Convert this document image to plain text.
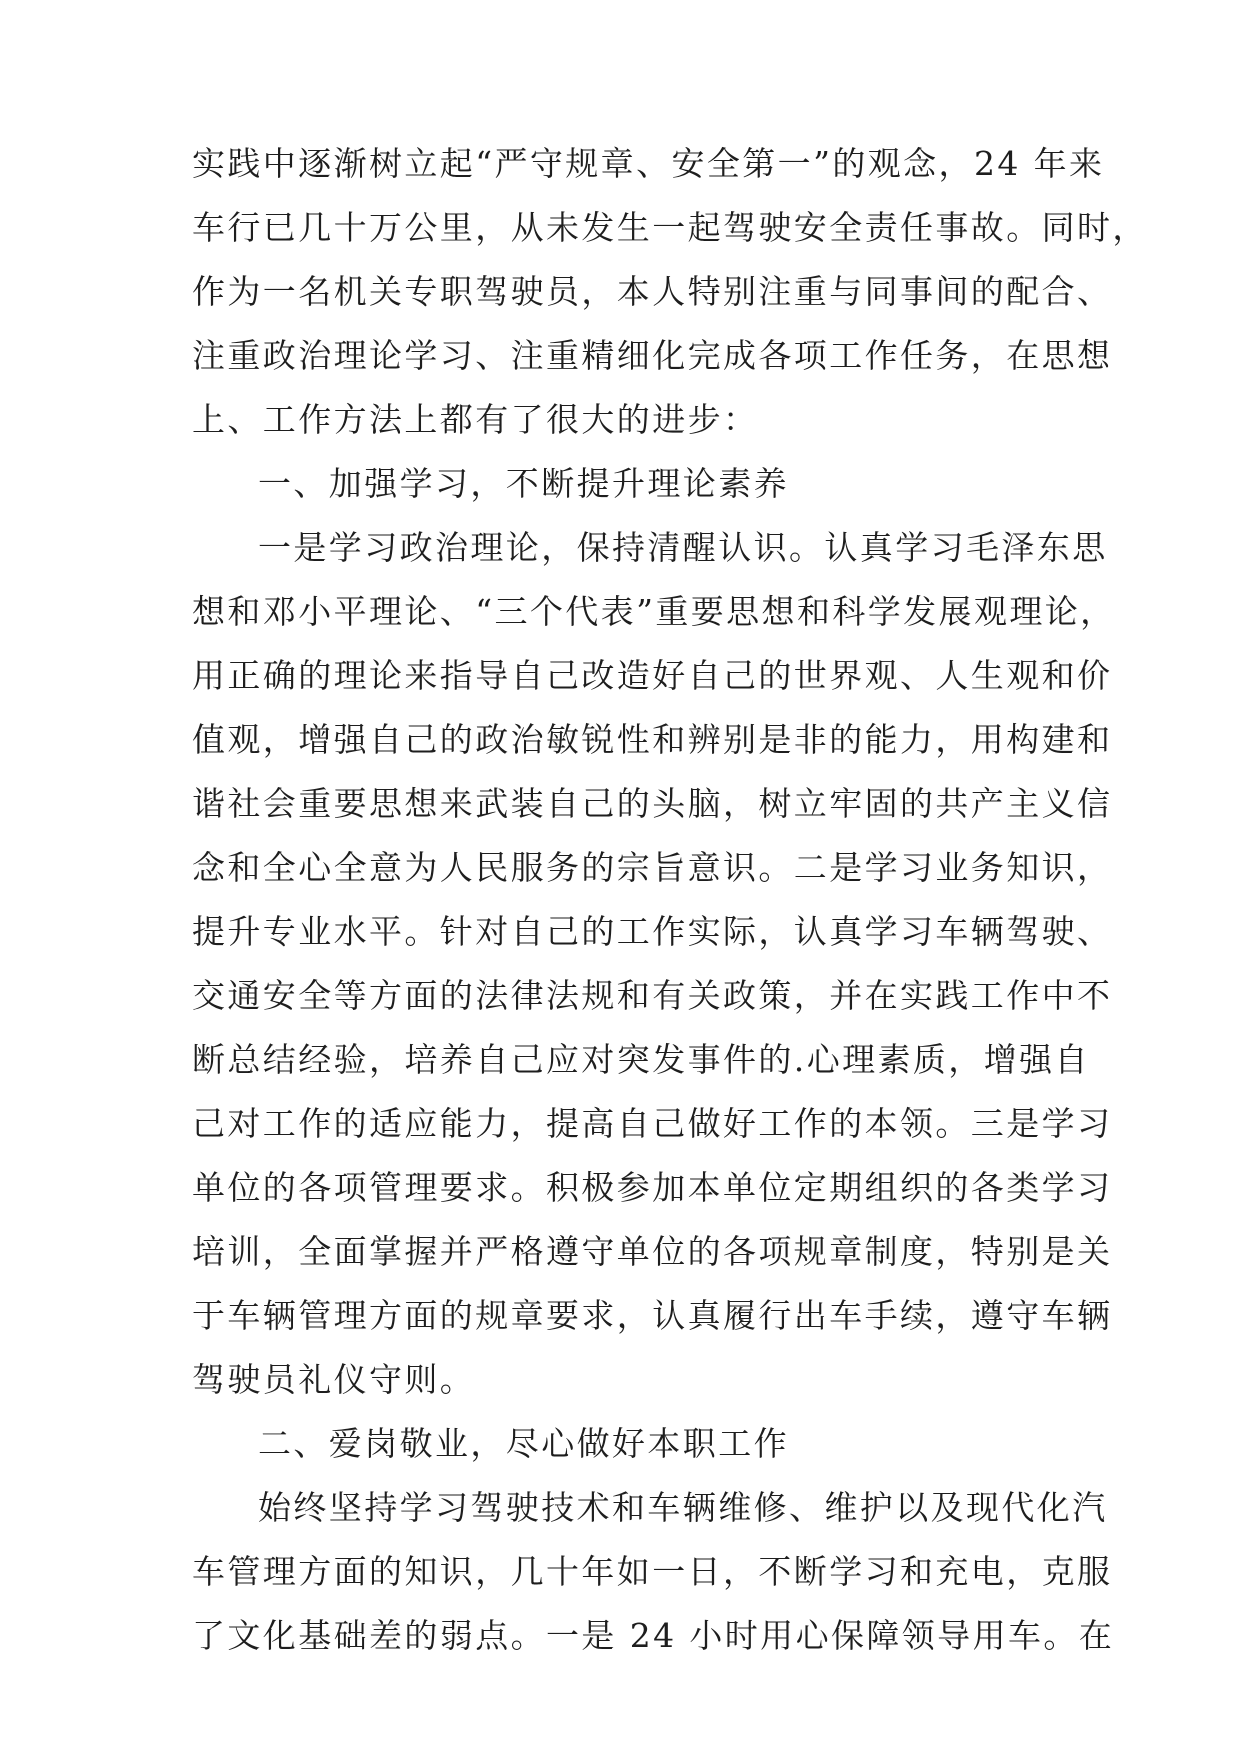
实践中逐渐树立起“严守规章、安全第一”的观念，24 年来
车行已几十万公里，从未发生一起驾驶安全责任事故。同时，
作为一名机关专职驾驶员，本人特别注重与同事间的配合、
注重政治理论学习、注重精细化完成各项工作任务，在思想
上、工作方法上都有了很大的进步：
一、加强学习，不断提升理论素养
一是学习政治理论，保持清醒认识。认真学习毛泽东思
想和邓小平理论、“三个代表”重要思想和科学发展观理论，
用正确的理论来指导自己改造好自己的世界观、人生观和价
值观，增强自己的政治敏锐性和辨别是非的能力，用构建和
谐社会重要思想来武装自己的头脑，树立牢固的共产主义信
念和全心全意为人民服务的宗旨意识。二是学习业务知识，
提升专业水平。针对自己的工作实际，认真学习车辆驾驶、
交通安全等方面的法律法规和有关政策，并在实践工作中不
断总结经验，培养自己应对突发事件的.心理素质，增强自
己对工作的适应能力，提高自己做好工作的本领。三是学习
单位的各项管理要求。积极参加本单位定期组织的各类学习
培训，全面掌握并严格遵守单位的各项规章制度，特别是关
于车辆管理方面的规章要求，认真履行出车手续，遵守车辆
驾驶员礼仪守则。
二、爱岗敬业，尽心做好本职工作
始终坚持学习驾驶技术和车辆维修、维护以及现代化汽
车管理方面的知识，几十年如一日，不断学习和充电，克服
了文化基础差的弱点。一是 24 小时用心保障领导用车。在
